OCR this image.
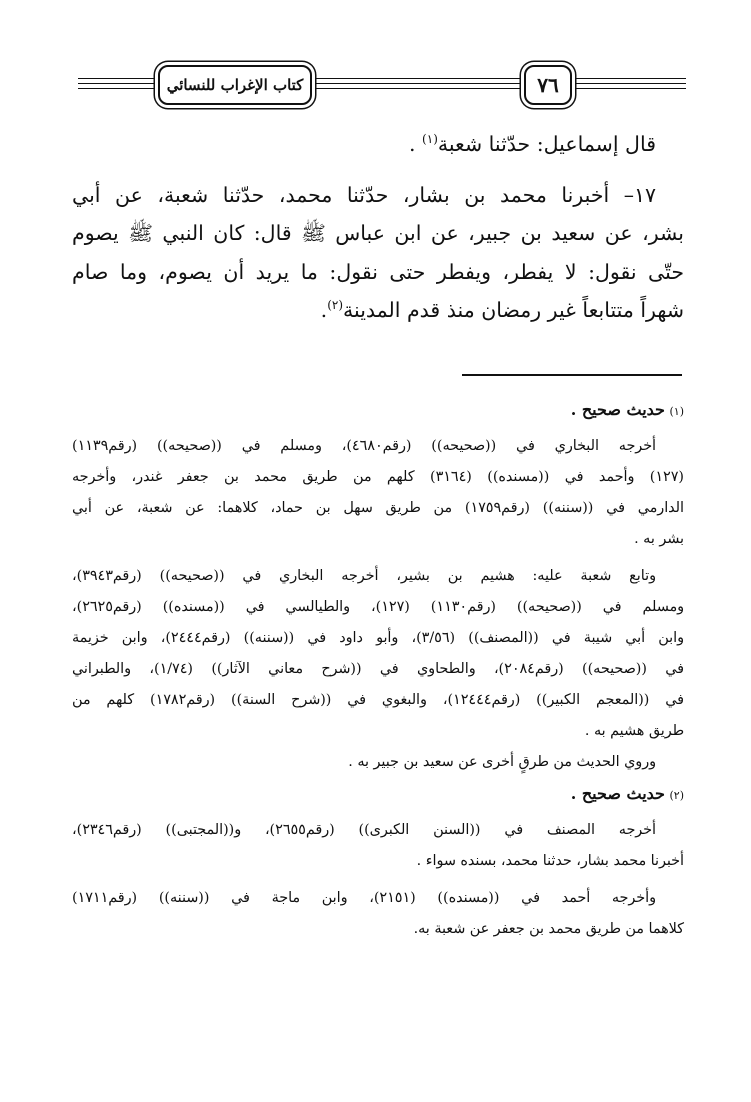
٧٦
كتاب الإغراب للنسائي

قال إسماعيل: حدّثنا شعبة$^{(١)}$ .

١٧– أخبرنا محمد بن بشار، حدّثنا محمد، حدّثنا شعبة، عن أبي

بشر، عن سعيد بن جبير، عن ابن عباس ﷺ قال: كان النبي ﷺ يصوم

حتّى نقول: لا يفطر، ويفطر حتى نقول: ما يريد أن يصوم، وما صام

شهراً متتابعاً غير رمضان منذ قدم المدينة$^{(٢)}$.

(١) حديث صحيح .
أخرجه البخاري في ((صحيحه)) (رقم٤٦٨٠)، ومسلم في ((صحيحه)) (رقم١١٣٩)
(١٢٧) وأحمد في ((مسنده)) (٣١٦٤) كلهم من طريق محمد بن جعفر غندر، وأخرجه
الدارمي في ((سننه)) (رقم١٧٥٩) من طريق سهل بن حماد، كلاهما: عن شعبة، عن أبي
بشر به .
وتابع شعبة عليه: هشيم بن بشير، أخرجه البخاري في ((صحيحه)) (رقم٣٩٤٣)،
ومسلم في ((صحيحه)) (رقم١١٣٠) (١٢٧)، والطيالسي في ((مسنده)) (رقم٢٦٢٥)،
وابن أبي شيبة في ((المصنف)) (٣/٥٦)، وأبو داود في ((سننه)) (رقم٢٤٤٤)، وابن خزيمة
في ((صحيحه)) (رقم٢٠٨٤)، والطحاوي في ((شرح معاني الآثار)) (١/٧٤)، والطبراني
في ((المعجم الكبير)) (رقم١٢٤٤٤)، والبغوي في ((شرح السنة)) (رقم١٧٨٢) كلهم من
طريق هشيم به .
وروي الحديث من طرقٍ أخرى عن سعيد بن جبير به .
(٢) حديث صحيح .
أخرجه المصنف في ((السنن الكبرى)) (رقم٢٦٥٥)، و((المجتبى)) (رقم٢٣٤٦)،
أخبرنا محمد بشار، حدثنا محمد، بسنده سواء .
وأخرجه أحمد في ((مسنده)) (٢١٥١)، وابن ماجة في ((سننه)) (رقم١٧١١)
كلاهما من طريق محمد بن جعفر عن شعبة به.
